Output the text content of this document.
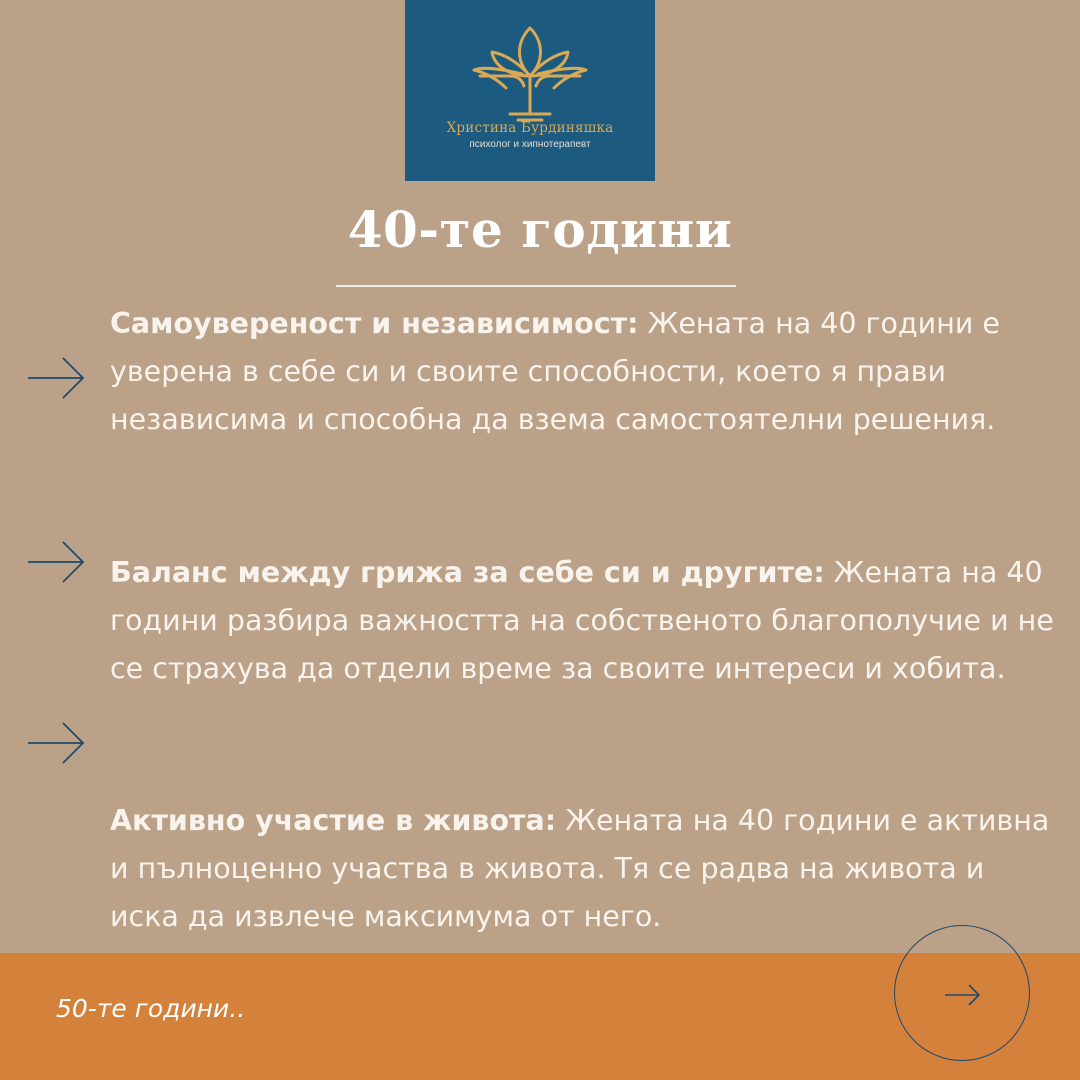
Христина Бурдиняшка
психолог и хипнотерапевт
40-те години

Самоувереност и независимост: Жената на 40 години е уверена в себе си и своите способности, което я прави независима и способна да взема самостоятелни решения.

Баланс между грижа за себе си и другите: Жената на 40 години разбира важността на собственото благополучие и не се страхува да отдели време за своите интереси и хобита.

Активно участие в живота: Жената на 40 години е активна и пълноценно участва в живота. Тя се радва на живота и иска да извлече максимума от него.

50-те години..
